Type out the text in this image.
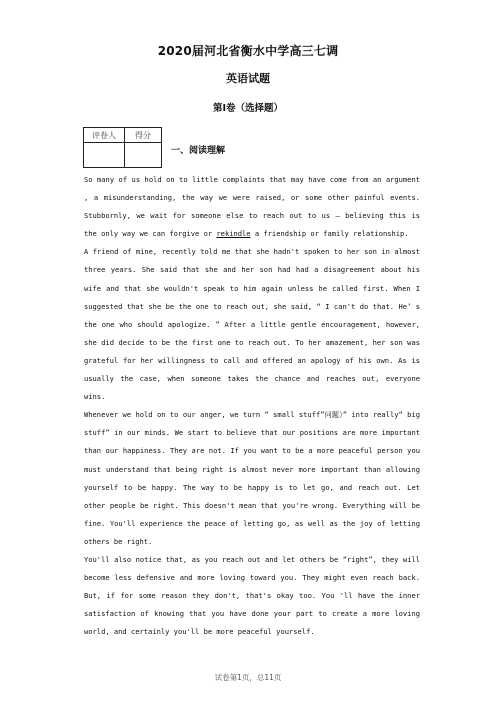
2020届河北省衡水中学高三七调
英语试题
第Ⅰ卷（选择题）
评卷人	得分

一、阅读理解

So many of us hold on to little complaints that may have come from an argument , a misunderstanding, the way we were raised, or some other painful events. Stubbornly, we wait for someone else to reach out to us — believing this is the only way we can forgive or rekindle a friendship or family relationship.

A friend of mine, recently told me that she hadn't spoken to her son in almost three years. She said that she and her son had had a disagreement about his wife and that she wouldn't speak to him again unless he called first. When I suggested that she be the one to reach out, she said, “ I can't do that. He’ s the one who should apologize. ” After a little gentle encouragement, however, she did decide to be the first one to reach out. To her amazement, her son was grateful for her willingness to call and offered an apology of his own. As is usually the case, when someone takes the chance and reaches out, everyone wins.

Whenever we hold on to our anger, we turn “ small stuff”问题）” into really“ big stuff” in our minds. We start to believe that our positions are more important than our happiness. They are not. If you want to be a more peaceful person you must understand that being right is almost never more important than allowing yourself to be happy. The way to be happy is to let go, and reach out. Let other people be right. This doesn't mean that you're wrong. Everything will be fine. You'll experience the peace of letting go, as well as the joy of letting others be right.

You'll also notice that, as you reach out and let others be “right”, they will become less defensive and more loving toward you. They might even reach back. But, if for some reason they don't, that's okay too. You 'll have the inner satisfaction of knowing that you have done your part to create a more loving world, and certainly you'll be more peaceful yourself.

试卷第1页，总11页
